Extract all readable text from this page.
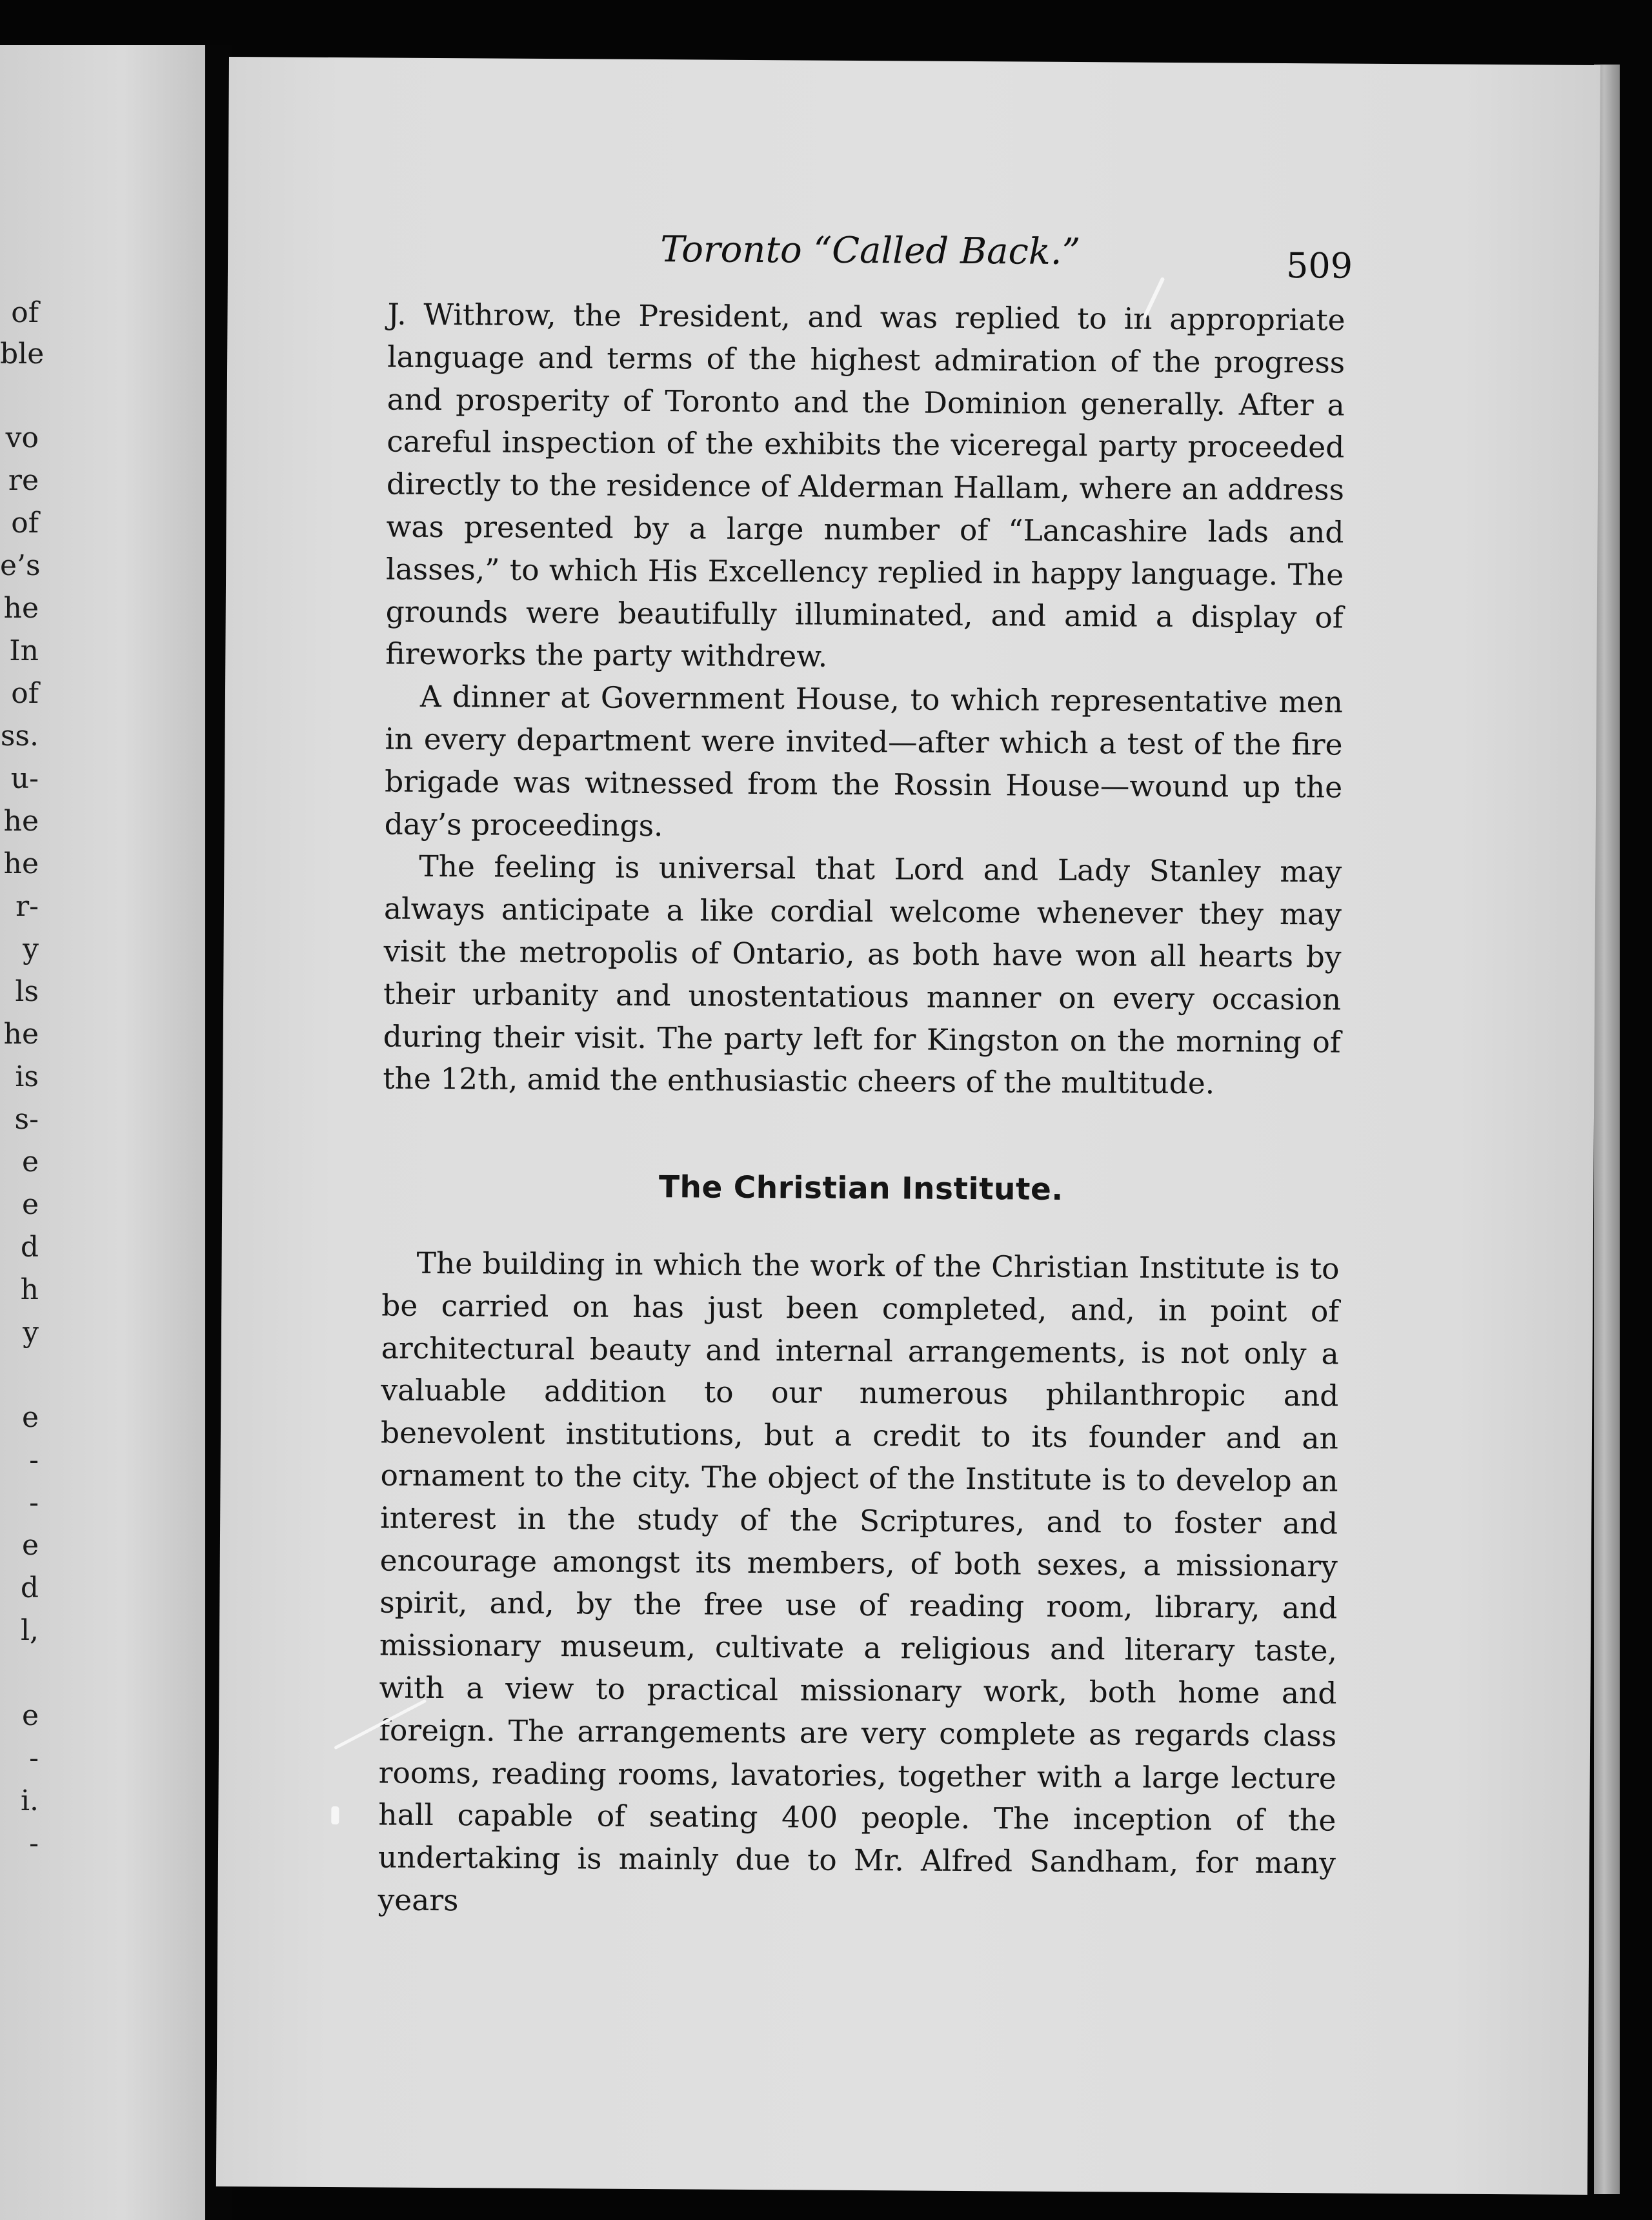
of
ble
vo
re
of
e’s
he
In
of
ss.
u-
he
he
r-
y
ls
he
is
s-
e
e
d
h
y
e
-
-
e
d
l,
e
-
i.
-
Toronto “Called Back.”	509

J. Withrow, the President, and was replied to in appropriate language and terms of the highest admiration of the progress and prosperity of Toronto and the Dominion generally. After a careful inspection of the exhibits the viceregal party proceeded directly to the residence of Alderman Hallam, where an address was presented by a large number of “Lancashire lads and lasses,” to which His Excellency replied in happy language. The grounds were beautifully illuminated, and amid a display of fireworks the party withdrew.

A dinner at Government House, to which representative men in every department were invited—after which a test of the fire brigade was witnessed from the Rossin House—wound up the day’s proceedings.

The feeling is universal that Lord and Lady Stanley may always anticipate a like cordial welcome whenever they may visit the metropolis of Ontario, as both have won all hearts by their urbanity and unostentatious manner on every occasion during their visit. The party left for Kingston on the morning of the 12th, amid the enthusiastic cheers of the multitude.

The Christian Institute.

The building in which the work of the Christian Institute is to be carried on has just been completed, and, in point of architectural beauty and internal arrangements, is not only a valuable addition to our numerous philanthropic and benevolent institutions, but a credit to its founder and an ornament to the city. The object of the Institute is to develop an interest in the study of the Scriptures, and to foster and encourage amongst its members, of both sexes, a missionary spirit, and, by the free use of reading room, library, and missionary museum, cultivate a religious and literary taste, with a view to practical missionary work, both home and foreign. The arrangements are very complete as regards class rooms, reading rooms, lavatories, together with a large lecture hall capable of seating 400 people. The inception of the undertaking is mainly due to Mr. Alfred Sandham, for many years
